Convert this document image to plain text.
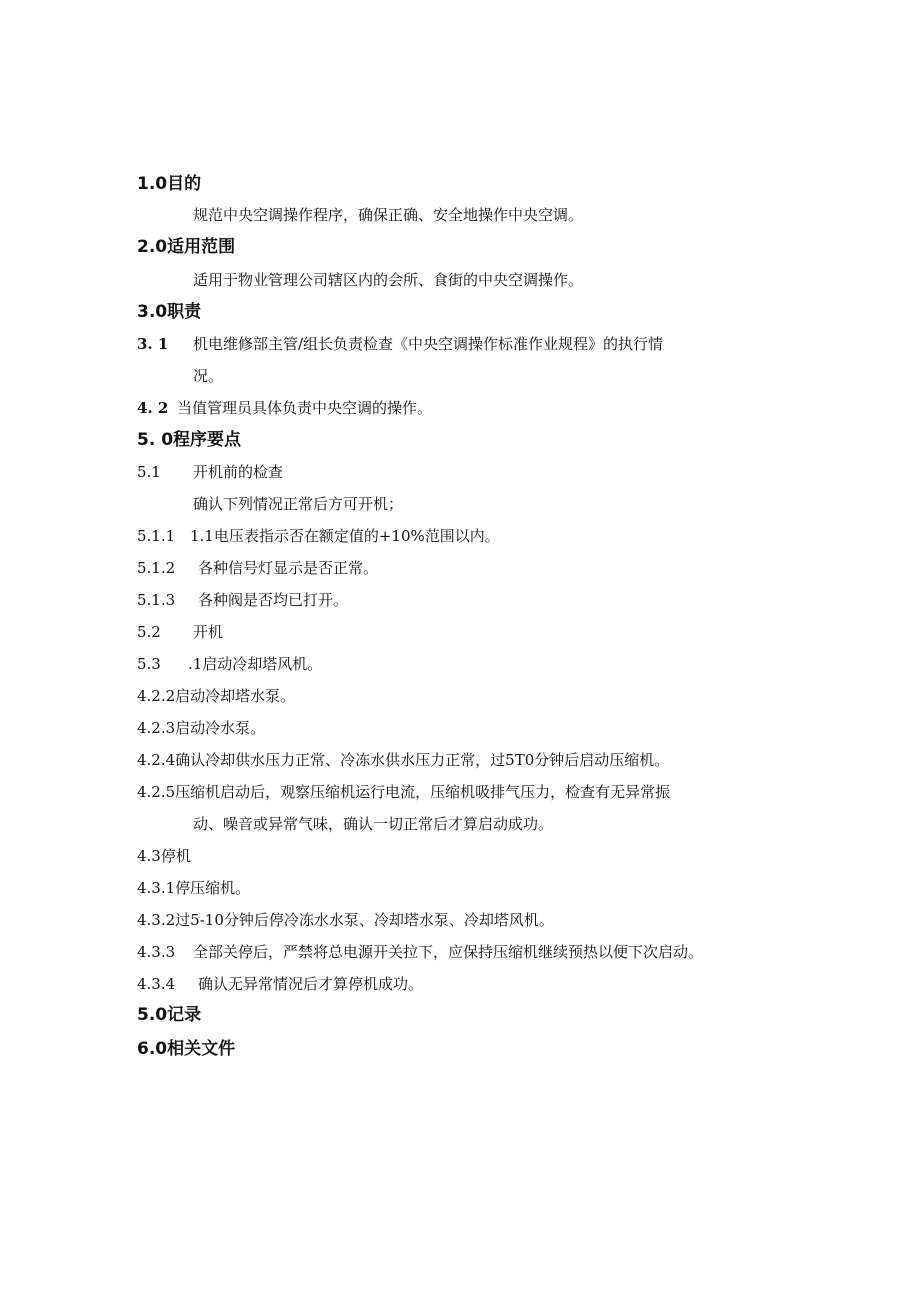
1.0目的
规范中央空调操作程序，确保正确、安全地操作中央空调。
2.0适用范围
适用于物业管理公司辖区内的会所、食街的中央空调操作。
3.0职责
3. 1 机电维修部主管/组长负责检查《中央空调操作标准作业规程》的执行情
况。
4. 2 当值管理员具体负责中央空调的操作。
5. 0程序要点
5.1 开机前的检查
确认下列情况正常后方可开机；
5.1.1 1.1电压表指示否在额定值的+10%范围以内。
5.1.2 各种信号灯显示是否正常。
5.1.3 各种阀是否均已打开。
5.2 开机
5.3 .1启动冷却塔风机。
4.2.2启动冷却塔水泵。
4.2.3启动冷水泵。
4.2.4确认冷却供水压力正常、冷冻水供水压力正常，过5T0分钟后启动压缩机。
4.2.5压缩机启动后，观察压缩机运行电流，压缩机吸排气压力，检查有无异常振
动、噪音或异常气味，确认一切正常后才算启动成功。
4.3停机
4.3.1停压缩机。
4.3.2过5-10分钟后停冷冻水水泵、冷却塔水泵、冷却塔风机。
4.3.3 全部关停后，严禁将总电源开关拉下，应保持压缩机继续预热以便下次启动。
4.3.4 确认无异常情况后才算停机成功。
5.0记录
6.0相关文件
